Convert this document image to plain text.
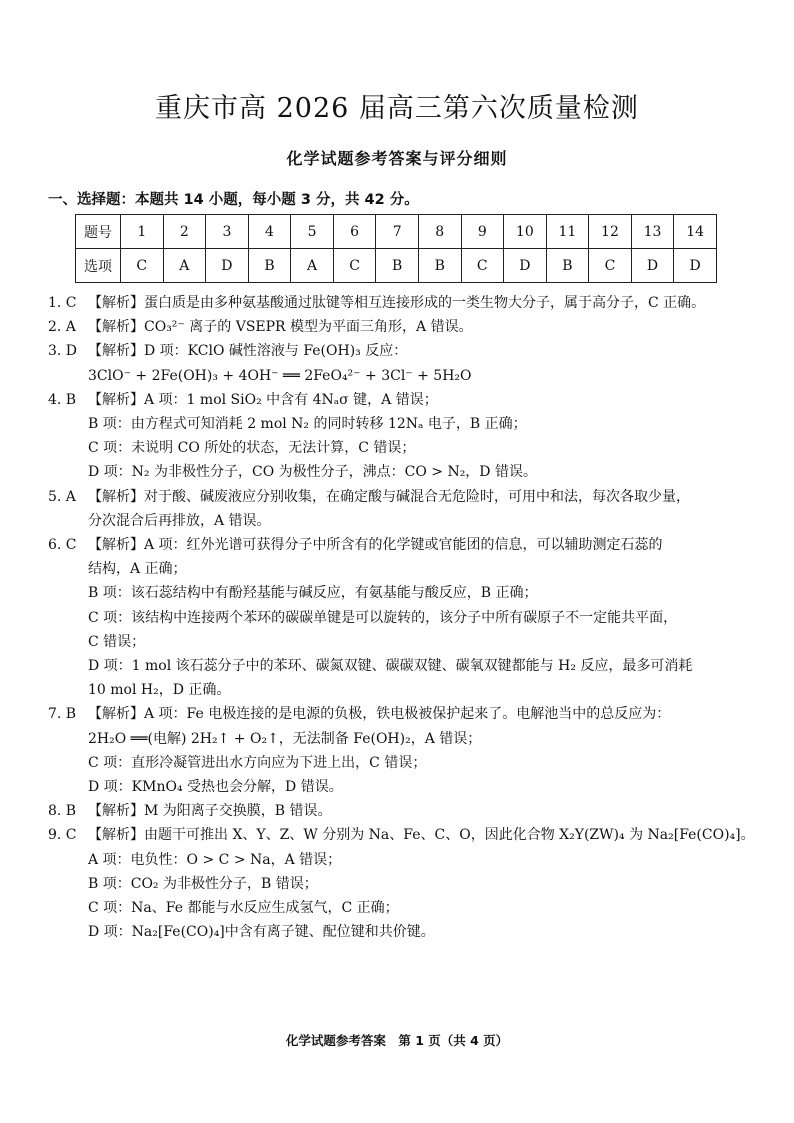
重庆市高 2026 届高三第六次质量检测
化学试题参考答案与评分细则
一、选择题：本题共 14 小题，每小题 3 分，共 42 分。
题号	1	2	3	4	5	6	7	8	9	10	11	12	13	14
选项	C	A	D	B	A	C	B	B	C	D	B	C	D	D
1. C 【解析】蛋白质是由多种氨基酸通过肽键等相互连接形成的一类生物大分子，属于高分子，C 正确。
2. A 【解析】CO₃²⁻ 离子的 VSEPR 模型为平面三角形，A 错误。
3. D 【解析】D 项：KClO 碱性溶液与 Fe(OH)₃ 反应：
3ClO⁻ + 2Fe(OH)₃ + 4OH⁻ ══ 2FeO₄²⁻ + 3Cl⁻ + 5H₂O
4. B 【解析】A 项：1 mol SiO₂ 中含有 4Nₐσ 键，A 错误；
B 项：由方程式可知消耗 2 mol N₂ 的同时转移 12Nₐ 电子，B 正确；
C 项：未说明 CO 所处的状态，无法计算，C 错误；
D 项：N₂ 为非极性分子，CO 为极性分子，沸点：CO > N₂，D 错误。
5. A 【解析】对于酸、碱废液应分别收集，在确定酸与碱混合无危险时，可用中和法，每次各取少量，
分次混合后再排放，A 错误。
6. C 【解析】A 项：红外光谱可获得分子中所含有的化学键或官能团的信息，可以辅助测定石蕊的
结构，A 正确；
B 项：该石蕊结构中有酚羟基能与碱反应，有氨基能与酸反应，B 正确；
C 项：该结构中连接两个苯环的碳碳单键是可以旋转的，该分子中所有碳原子不一定能共平面，
C 错误；
D 项：1 mol 该石蕊分子中的苯环、碳氮双键、碳碳双键、碳氧双键都能与 H₂ 反应，最多可消耗
10 mol H₂，D 正确。
7. B 【解析】A 项：Fe 电极连接的是电源的负极，铁电极被保护起来了。电解池当中的总反应为：
2H₂O ══(电解) 2H₂↑ + O₂↑，无法制备 Fe(OH)₂，A 错误；
C 项：直形冷凝管进出水方向应为下进上出，C 错误；
D 项：KMnO₄ 受热也会分解，D 错误。
8. B 【解析】M 为阳离子交换膜，B 错误。
9. C 【解析】由题干可推出 X、Y、Z、W 分别为 Na、Fe、C、O，因此化合物 X₂Y(ZW)₄ 为 Na₂[Fe(CO)₄]。
A 项：电负性：O > C > Na，A 错误；
B 项：CO₂ 为非极性分子，B 错误；
C 项：Na、Fe 都能与水反应生成氢气，C 正确；
D 项：Na₂[Fe(CO)₄]中含有离子键、配位键和共价键。
化学试题参考答案　第 1 页（共 4 页）
